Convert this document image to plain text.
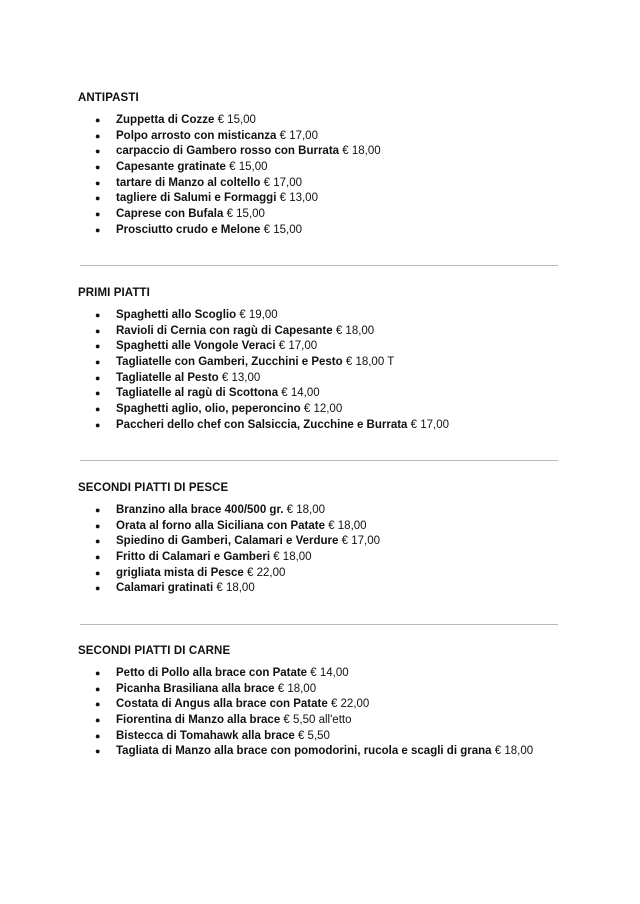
ANTIPASTI
● Zuppetta di Cozze € 15,00
● Polpo arrosto con misticanza € 17,00
● carpaccio di Gambero rosso con Burrata € 18,00
● Capesante gratinate € 15,00
● tartare di Manzo al coltello € 17,00
● tagliere di Salumi e Formaggi € 13,00
● Caprese con Bufala € 15,00
● Prosciutto crudo e Melone € 15,00
PRIMI PIATTI
● Spaghetti allo Scoglio € 19,00
● Ravioli di Cernia con ragù di Capesante € 18,00
● Spaghetti alle Vongole Veraci € 17,00
● Tagliatelle con Gamberi, Zucchini e Pesto € 18,00 T
● Tagliatelle al Pesto € 13,00
● Tagliatelle al ragù di Scottona € 14,00
● Spaghetti aglio, olio, peperoncino € 12,00
● Paccheri dello chef con Salsiccia, Zucchine e Burrata € 17,00
SECONDI PIATTI DI PESCE
● Branzino alla brace 400/500 gr. € 18,00
● Orata al forno alla Siciliana con Patate € 18,00
● Spiedino di Gamberi, Calamari e Verdure € 17,00
● Fritto di Calamari e Gamberi € 18,00
● grigliata mista di Pesce € 22,00
● Calamari gratinati € 18,00
SECONDI PIATTI DI CARNE
● Petto di Pollo alla brace con Patate € 14,00
● Picanha Brasiliana alla brace € 18,00
● Costata di Angus alla brace con Patate € 22,00
● Fiorentina di Manzo alla brace € 5,50 all'etto
● Bistecca di Tomahawk alla brace € 5,50
● Tagliata di Manzo alla brace con pomodorini, rucola e scagli di grana € 18,00
